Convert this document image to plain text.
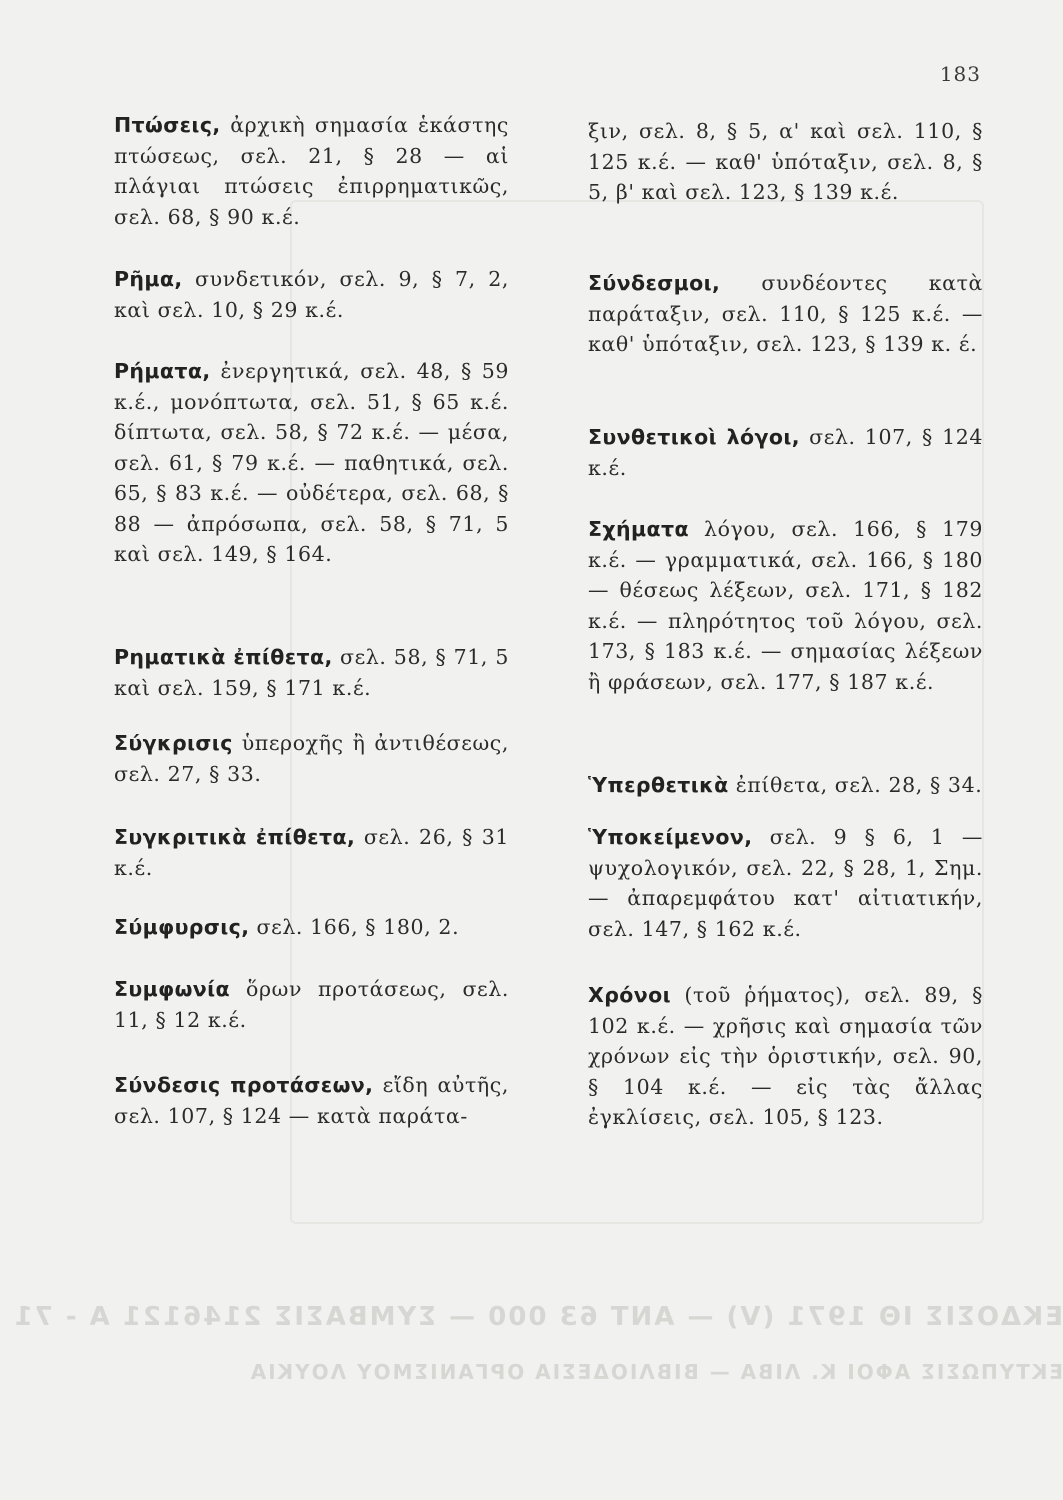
ΕΚΔΟΣΙΣ ΙΘ 1971 (V) — ΑΝΤ 63 000 — ΣΥΜΒΑΣΙΣ 2146121 Α - 71
ΕΚΤΥΠΩΣΙΣ ΑΦΟΙ Κ. ΛΙΒΑ — ΒΙΒΛΙΟΔΕΣΙΑ ΟΡΓΑΝΙΣΜΟΥ ΛΟΥΚΙΑ
183

Πτώσεις, ἀρχικὴ σημασία ἑκάστης πτώσεως, σελ. 21, § 28 — αἱ πλάγιαι πτώσεις ἐπιρρηματικῶς, σελ. 68, § 90 κ.έ.

Ρῆμα, συνδετικόν, σελ. 9, § 7, 2, καὶ σελ. 10, § 29 κ.έ.

Ρήματα, ἐνεργητικά, σελ. 48, § 59 κ.έ., μονόπτωτα, σελ. 51, § 65 κ.έ. δίπτωτα, σελ. 58, § 72 κ.έ. — μέσα, σελ. 61, § 79 κ.έ. — παθητικά, σελ. 65, § 83 κ.έ. — οὐδέτερα, σελ. 68, § 88 — ἀπρόσωπα, σελ. 58, § 71, 5 καὶ σελ. 149, § 164.

Ρηματικὰ ἐπίθετα, σελ. 58, § 71, 5 καὶ σελ. 159, § 171 κ.έ.

Σύγκρισις ὑπεροχῆς ἢ ἀντιθέσεως, σελ. 27, § 33.

Συγκριτικὰ ἐπίθετα, σελ. 26, § 31 κ.έ.

Σύμφυρσις, σελ. 166, § 180, 2.

Συμφωνία ὅρων προτάσεως, σελ. 11, § 12 κ.έ.

Σύνδεσις προτάσεων, εἴδη αὐτῆς, σελ. 107, § 124 — κατὰ παράτα-

ξιν, σελ. 8, § 5, α' καὶ σελ. 110, § 125 κ.έ. — καθ' ὑπόταξιν, σελ. 8, § 5, β' καὶ σελ. 123, § 139 κ.έ.

Σύνδεσμοι, συνδέοντες κατὰ παράταξιν, σελ. 110, § 125 κ.έ. — καθ' ὑπόταξιν, σελ. 123, § 139 κ. έ.

Συνθετικοὶ λόγοι, σελ. 107, § 124 κ.έ.

Σχήματα λόγου, σελ. 166, § 179 κ.έ. — γραμματικά, σελ. 166, § 180 — θέσεως λέξεων, σελ. 171, § 182 κ.έ. — πληρότητος τοῦ λόγου, σελ. 173, § 183 κ.έ. — σημασίας λέξεων ἢ φράσεων, σελ. 177, § 187 κ.έ.

Ὑπερθετικὰ ἐπίθετα, σελ. 28, § 34.

Ὑποκείμενον, σελ. 9 § 6, 1 — ψυχολογικόν, σελ. 22, § 28, 1, Σημ. — ἀπαρεμφάτου κατ' αἰτιατικήν, σελ. 147, § 162 κ.έ.

Χρόνοι (τοῦ ῥήματος), σελ. 89, § 102 κ.έ. — χρῆσις καὶ σημασία τῶν χρόνων εἰς τὴν ὁριστικήν, σελ. 90, § 104 κ.έ. — εἰς τὰς ἄλλας ἐγκλίσεις, σελ. 105, § 123.
